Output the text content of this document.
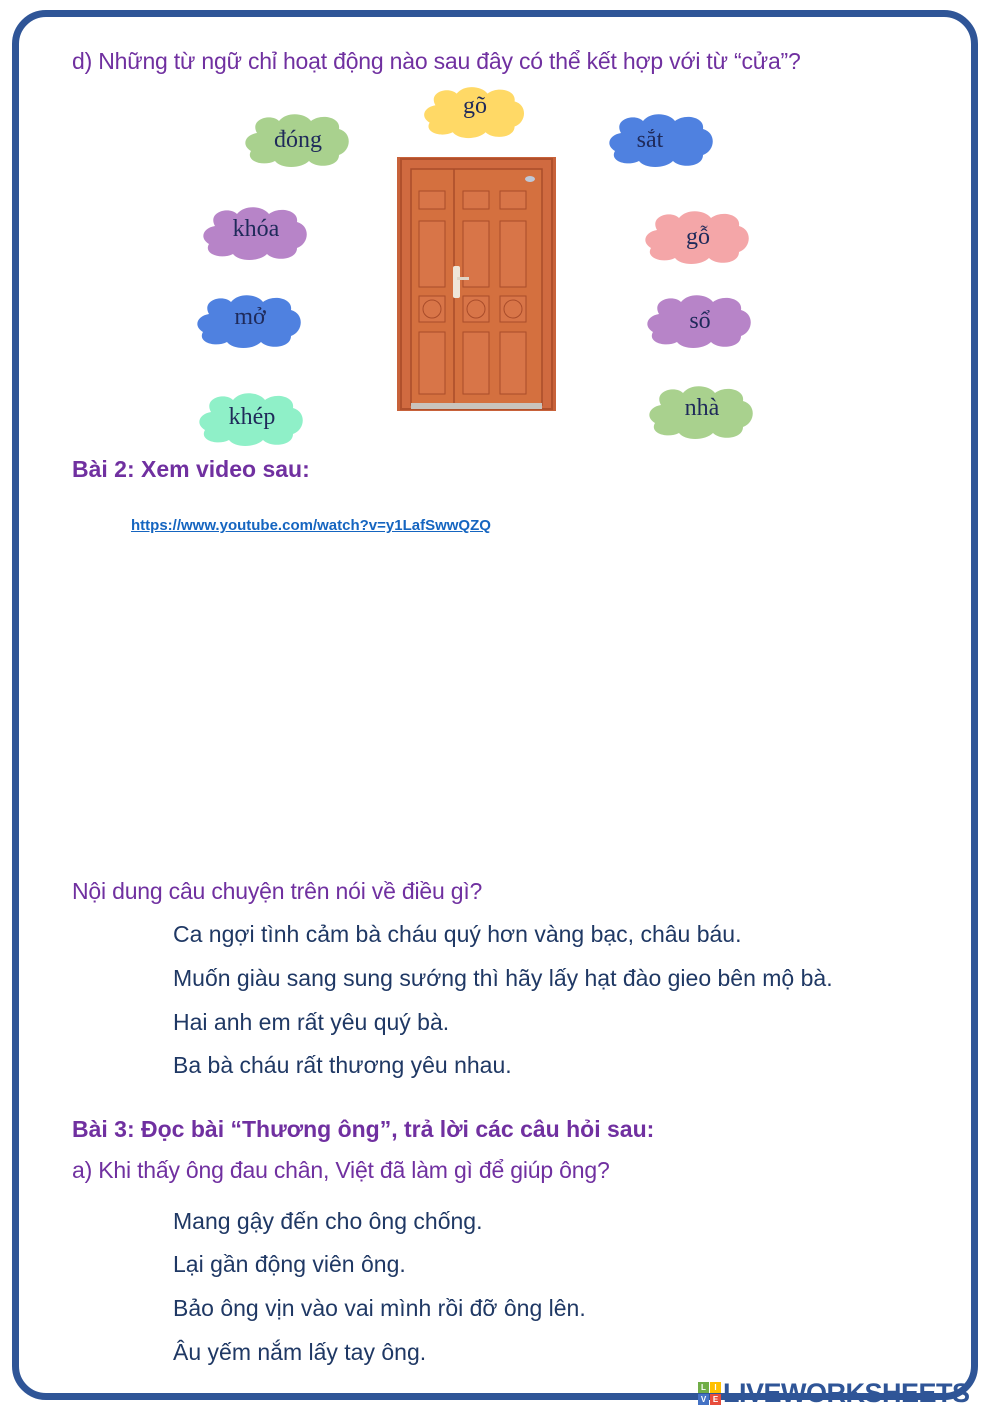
d) Những từ ngữ chỉ hoạt động nào sau đây có thể kết hợp với từ “cửa”?
đóng
gõ
sắt
khóa	gỗ
mở	sổ
khép	nhà
Bài 2: Xem video sau:
https://www.youtube.com/watch?v=y1LafSwwQZQ
Nội dung câu chuyện trên nói về điều gì?
Ca ngợi tình cảm bà cháu quý hơn vàng bạc, châu báu.
Muốn giàu sang sung sướng thì hãy lấy hạt đào gieo bên mộ bà.
Hai anh em rất yêu quý bà.
Ba bà cháu rất thương yêu nhau.
Bài 3: Đọc bài “Thương ông”, trả lời các câu hỏi sau:
a) Khi thấy ông đau chân, Việt đã làm gì để giúp ông?
Mang gậy đến cho ông chống.
Lại gần động viên ông.
Bảo ông vịn vào vai mình rồi đỡ ông lên.
Âu yếm nắm lấy tay ông.
L	I
V E LIVEWORKSHEETS
